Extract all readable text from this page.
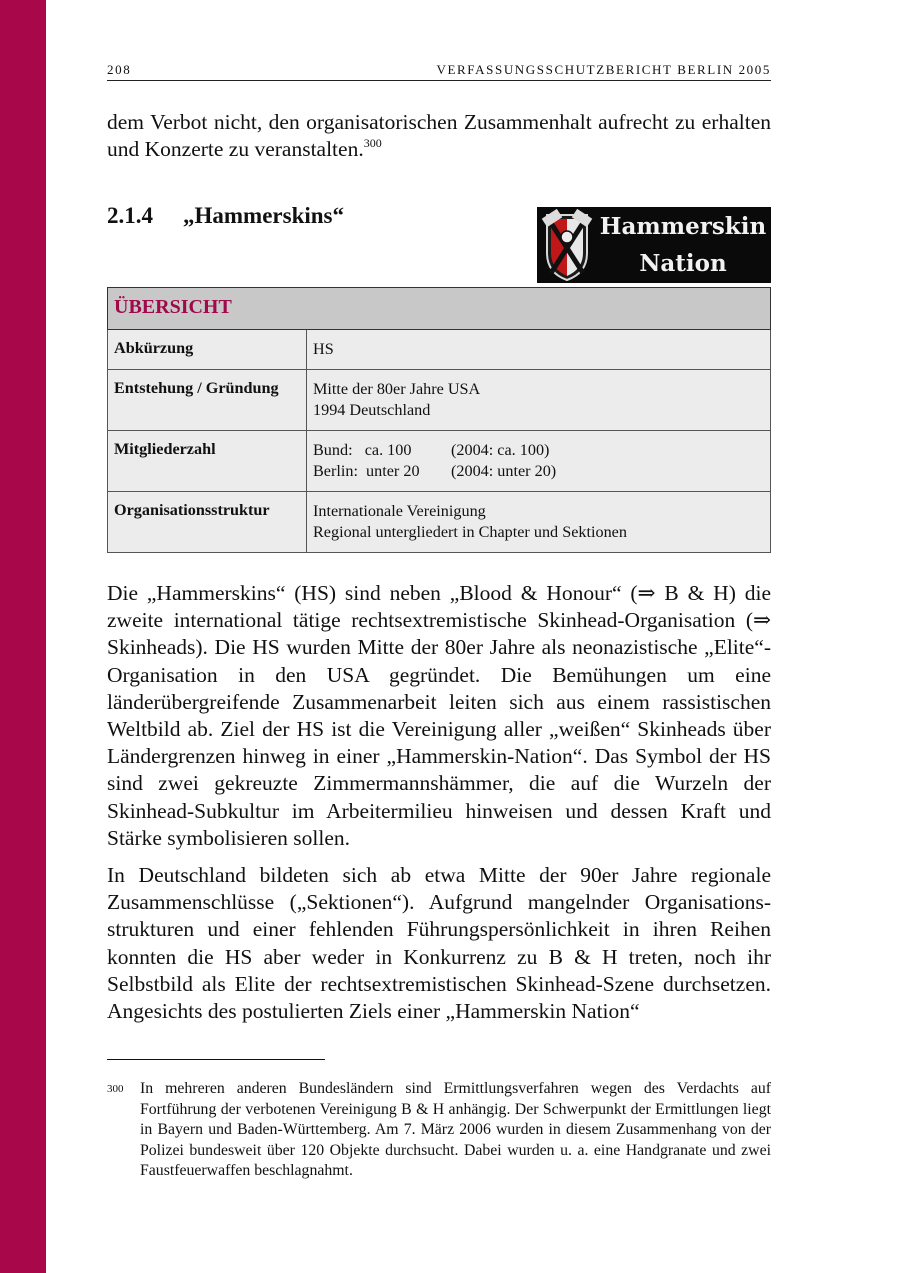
208	VERFASSUNGSSCHUTZBERICHT BERLIN 2005

dem Verbot nicht, den organisatorischen Zusammenhalt aufrecht zu erhalten und Konzerte zu veranstalten.$^{300}$

2.1.4 „Hammerskins“	Hammerskin
Nation
ÜBERSICHT	
Abkürzung	HS

Entstehung / Gründung	Mitte der 80er Jahre USA
1994 Deutschland

Mitgliederzahl	Bund:   ca. 100 (2004: ca. 100)
Berlin:  unter 20 (2004: unter 20)

Organisationsstruktur	Internationale Vereinigung
Regional untergliedert in Chapter und Sektionen

Die „Hammerskins“ (HS) sind neben „Blood & Honour“ (⇒ B & H) die zweite international tätige rechtsextremistische Skinhead-Organisation (⇒ Skinheads). Die HS wurden Mitte der 80er Jahre als neonazistische „Elite“-Organisation in den USA gegründet. Die Bemühungen um eine länderübergreifende Zusammenarbeit leiten sich aus einem rassistischen Weltbild ab. Ziel der HS ist die Vereinigung aller „weißen“ Skinheads über Ländergrenzen hinweg in einer „Hammerskin-Nation“. Das Symbol der HS sind zwei gekreuzte Zimmermannshämmer, die auf die Wurzeln der Skinhead-Subkultur im Arbeitermilieu hinweisen und dessen Kraft und Stärke symbolisieren sollen.

In Deutschland bildeten sich ab etwa Mitte der 90er Jahre regionale Zusammenschlüsse („Sektionen“). Aufgrund mangelnder Organisationsstrukturen und einer fehlenden Führungspersönlichkeit in ihren Reihen konnten die HS aber weder in Konkurrenz zu B & H treten, noch ihr Selbstbild als Elite der rechtsextremistischen Skinhead-Szene durchsetzen. Angesichts des postulierten Ziels einer „Hammerskin Nation“

300 In mehreren anderen Bundesländern sind Ermittlungsverfahren wegen des Verdachts auf Fortführung der verbotenen Vereinigung B & H anhängig. Der Schwerpunkt der Ermittlungen liegt in Bayern und Baden-Württemberg. Am 7. März 2006 wurden in diesem Zusammenhang von der Polizei bundesweit über 120 Objekte durchsucht. Dabei wurden u. a. eine Handgranate und zwei Faustfeuerwaffen beschlagnahmt.
